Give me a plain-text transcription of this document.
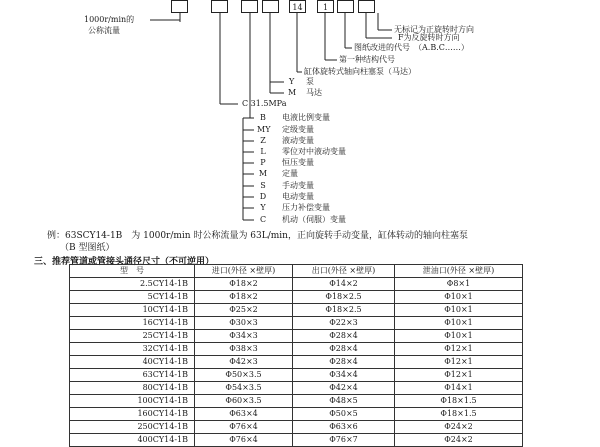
1000r/min的
公称流量
14	1
无标记为正旋转时方向
F为反旋转时方向
图纸改进的代号　（A.B.C……）
第一种结构代号
缸体旋转式轴向柱塞泵（马达）
Y 泵
M 马达
C 31.5MPa
B	电液比例变量
MY 定级变量
Z	液动变量
L	零位对中液动变量
P	恒压变量
M 定量
S	手动变量
D	电动变量
Y	压力补偿变量
C	机动（伺服）变量
例：63SCY14-1B　为 1000r/min 时公称流量为 63L/min，正向旋转手动变量，缸体转动的轴向柱塞泵
（B 型图纸）
三、推荐管道或管接头通径尺寸（不可逆用）
型　号	进口(外径 ×壁厚)	出口(外径 ×壁厚)	泄油口(外径 ×壁厚)
2.5CY14-1B	Φ18×2	Φ14×2	Φ8×1
5CY14-1B	Φ18×2	Φ18×2.5	Φ10×1
10CY14-1B	Φ25×2	Φ18×2.5	Φ10×1
16CY14-1B	Φ30×3	Φ22×3	Φ10×1
25CY14-1B	Φ34×3	Φ28×4	Φ10×1
32CY14-1B	Φ38×3	Φ28×4	Φ12×1
40CY14-1B	Φ42×3	Φ28×4	Φ12×1
63CY14-1B	Φ50×3.5	Φ34×4	Φ12×1
80CY14-1B	Φ54×3.5	Φ42×4	Φ14×1
100CY14-1B	Φ60×3.5	Φ48×5	Φ18×1.5
160CY14-1B	Φ63×4	Φ50×5	Φ18×1.5
250CY14-1B	Φ76×4	Φ63×6	Φ24×2
400CY14-1B	Φ76×4	Φ76×7	Φ24×2
